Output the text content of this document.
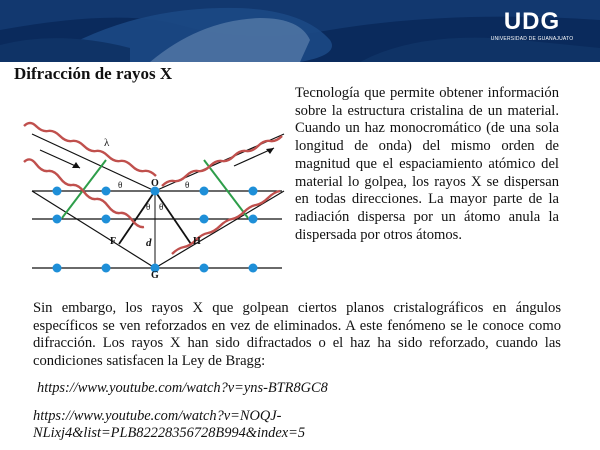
UDG
UNIVERSIDAD DE GUANAJUATO
Difracción de rayos X
λ
θ	θ
θ θ
O
F	H
G
d
Tecnología que permite obtener información sobre la estructura cristalina de un material. Cuando un haz monocromático (de una sola longitud de onda) del mismo orden de magnitud que el espaciamiento atómico del material lo golpea, los rayos X se dispersan en todas direcciones. La mayor parte de la radiación dispersa por un átomo anula la dispersada por otros átomos.
Sin embargo, los rayos X que golpean ciertos planos cristalográficos en ángulos específicos se ven reforzados en vez de eliminados. A este fenómeno se le conoce como difracción. Los rayos X han sido difractados o el haz ha sido reforzado, cuando las condiciones satisfacen la Ley de Bragg:
https://www.youtube.com/watch?v=yns-BTR8GC8
https://www.youtube.com/watch?v=NOQJ-NLixj4&list=PLB82228356728B994&index=5
